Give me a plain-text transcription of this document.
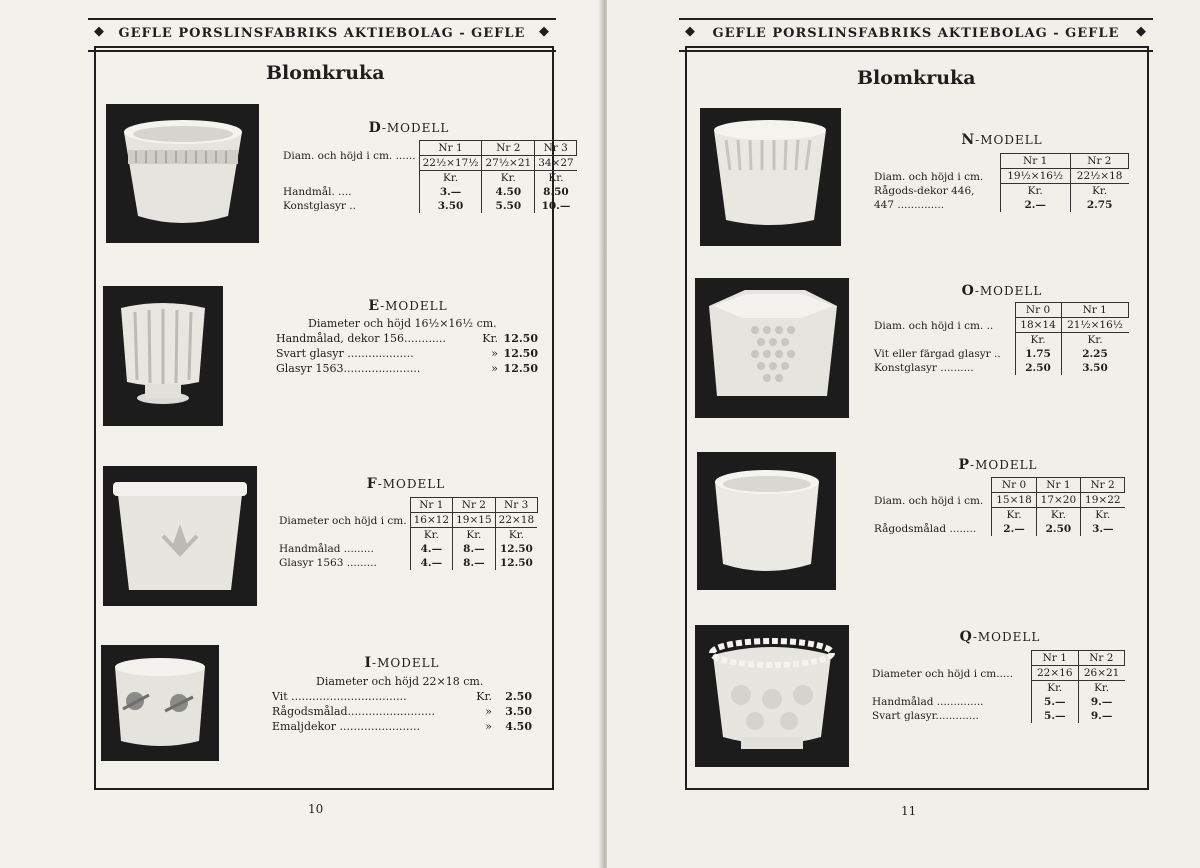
◆	GEFLE PORSLINSFABRIKS AKTIEBOLAG - GEFLE	◆
Blomkruka
D-MODELL
Diam. och höjd i cm. ......	Nr 1	Nr 2	Nr 3
	22½×17½	27½×21	34×27
	Kr.	Kr.	Kr.
Handmål. ....	3.—	4.50	8.50
Konstglasyr ..	3.50	5.50	10.—
E-MODELL
Diameter och höjd 16½×16½ cm.
Handmålad, dekor 156............	Kr. 12.50
Svart glasyr ...................	» 12.50
Glasyr 1563......................	» 12.50
F-MODELL
Diameter och höjd i cm.	Nr 1	Nr 2	Nr 3
	16×12	19×15	22×18
	Kr.	Kr.	Kr.
Handmålad .........	4.—	8.—	12.50
Glasyr 1563 .........	4.—	8.—	12.50
I-MODELL
Diameter och höjd 22×18 cm.
Vit .................................	Kr.	2.50
Rågodsmålad.........................	»	3.50
Emaljdekor .......................	»	4.50
10
◆	GEFLE PORSLINSFABRIKS AKTIEBOLAG - GEFLE	◆
Blomkruka
N-MODELL
Diam. och höjd i cm.	Nr 1	Nr 2
	19½×16½	22½×18
Rågods-dekor 446,	Kr.	Kr.
447 ..............	2.—	2.75
O-MODELL
Diam. och höjd i cm. ..	Nr 0	Nr 1
	18×14	21½×16½
	Kr.	Kr.
Vit eller färgad glasyr ..	1.75	2.25
Konstglasyr ..........	2.50	3.50
P-MODELL
Diam. och höjd i cm.	Nr 0	Nr 1	Nr 2
	15×18	17×20	19×22
	Kr.	Kr.	Kr.
Rågodsmålad ........	2.—	2.50	3.—
Q-MODELL
Diameter och höjd i cm.....	Nr 1	Nr 2
	22×16	26×21
	Kr.	Kr.
Handmålad ..............	5.—	9.—
Svart glasyr.............	5.—	9.—
11
